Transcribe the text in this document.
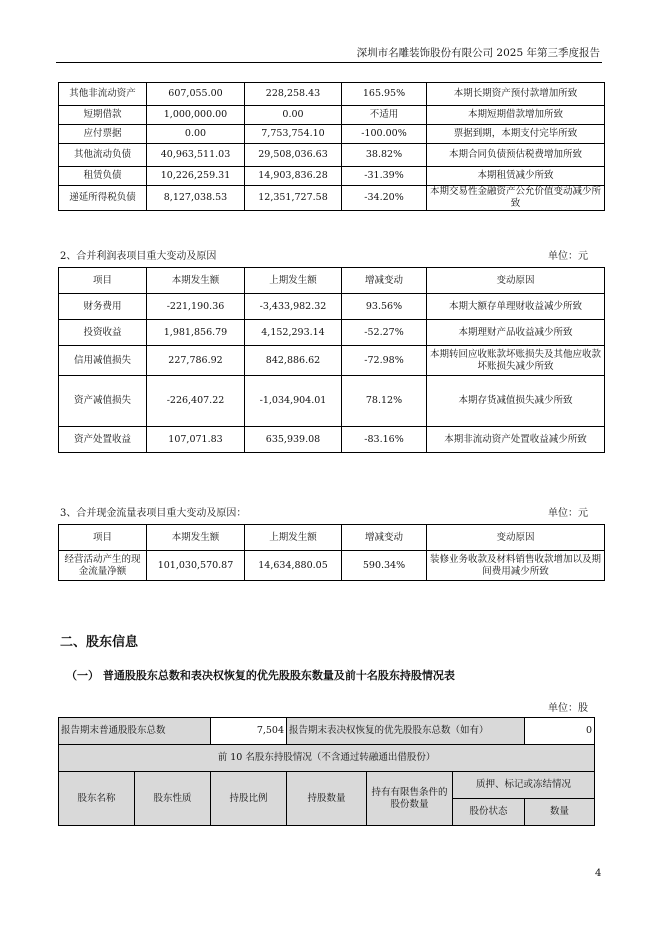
深圳市名雕装饰股份有限公司 2025 年第三季度报告
其他非流动资产	607,055.00	228,258.43	165.95%	本期长期资产预付款增加所致
短期借款	1,000,000.00	0.00	不适用	本期短期借款增加所致
应付票据	0.00	7,753,754.10	-100.00%	票据到期，本期支付完毕所致
其他流动负债	40,963,511.03	29,508,036.63	38.82%	本期合同负债预估税费增加所致
租赁负债	10,226,259.31	14,903,836.28	-31.39%	本期租赁减少所致
递延所得税负债	8,127,038.53	12,351,727.58	-34.20%	本期交易性金融资产公允价值变动减少所致
2、合并利润表项目重大变动及原因	单位：元
项目	本期发生额	上期发生额	增减变动	变动原因
财务费用	-221,190.36	-3,433,982.32	93.56%	本期大额存单理财收益减少所致
投资收益	1,981,856.79	4,152,293.14	-52.27%	本期理财产品收益减少所致
信用减值损失	227,786.92	842,886.62	-72.98%	本期转回应收账款坏账损失及其他应收款坏账损失减少所致
资产减值损失	-226,407.22	-1,034,904.01	78.12%	本期存货减值损失减少所致
资产处置收益	107,071.83	635,939.08	-83.16%	本期非流动资产处置收益减少所致
3、合并现金流量表项目重大变动及原因：	单位：元
项目	本期发生额	上期发生额	增减变动	变动原因
经营活动产生的现金流量净额	101,030,570.87	14,634,880.05	590.34%	装修业务收款及材料销售收款增加以及期间费用减少所致
二、股东信息
（一） 普通股股东总数和表决权恢复的优先股股东数量及前十名股东持股情况表
单位：股
报告期末普通股股东总数		7,504	报告期末表决权恢复的优先股股东总数（如有）			0
前 10 名股东持股情况（不含通过转融通出借股份）						
股东名称	股东性质	持股比例	持股数量	持有有限售条件的股份数量	质押、标记或冻结情况	
					股份状态	数量
4
